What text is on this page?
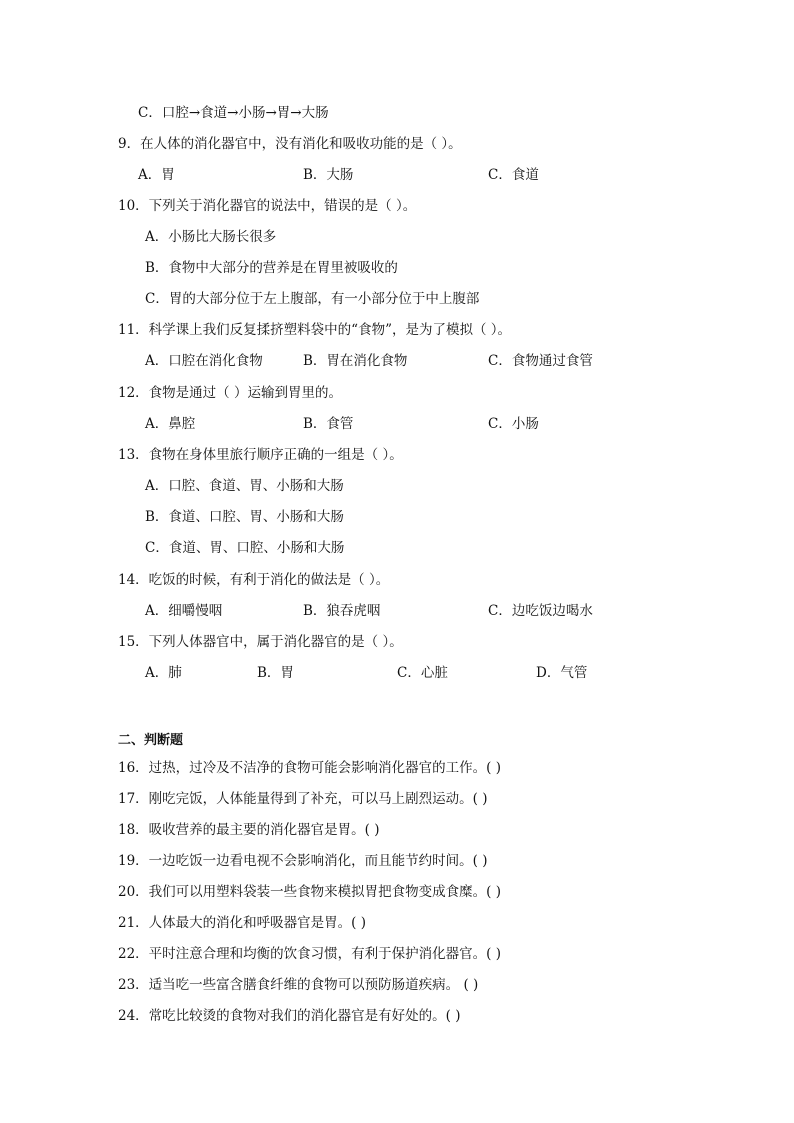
C．口腔→食道→小肠→胃→大肠
9．在人体的消化器官中，没有消化和吸收功能的是（ ）。
A．胃	B．大肠	C．食道
10．下列关于消化器官的说法中，错误的是（ ）。
A．小肠比大肠长很多
B．食物中大部分的营养是在胃里被吸收的
C．胃的大部分位于左上腹部，有一小部分位于中上腹部
11．科学课上我们反复揉挤塑料袋中的“食物”，是为了模拟（ ）。
A．口腔在消化食物	B．胃在消化食物	C．食物通过食管
12．食物是通过（ ）运输到胃里的。
A．鼻腔	B．食管	C．小肠
13．食物在身体里旅行顺序正确的一组是（ ）。
A．口腔、食道、胃、小肠和大肠
B．食道、口腔、胃、小肠和大肠
C．食道、胃、口腔、小肠和大肠
14．吃饭的时候，有利于消化的做法是（ ）。
A．细嚼慢咽	B．狼吞虎咽	C．边吃饭边喝水
15．下列人体器官中，属于消化器官的是（ ）。
A．肺	B．胃	C．心脏	D．气管
二、判断题
16．过热，过冷及不洁净的食物可能会影响消化器官的工作。( )
17．刚吃完饭，人体能量得到了补充，可以马上剧烈运动。( )
18．吸收营养的最主要的消化器官是胃。( )
19．一边吃饭一边看电视不会影响消化，而且能节约时间。( )
20．我们可以用塑料袋装一些食物来模拟胃把食物变成食糜。( )
21．人体最大的消化和呼吸器官是胃。( )
22．平时注意合理和均衡的饮食习惯，有利于保护消化器官。( )
23．适当吃一些富含膳食纤维的食物可以预防肠道疾病。 ( )
24．常吃比较烫的食物对我们的消化器官是有好处的。( )
